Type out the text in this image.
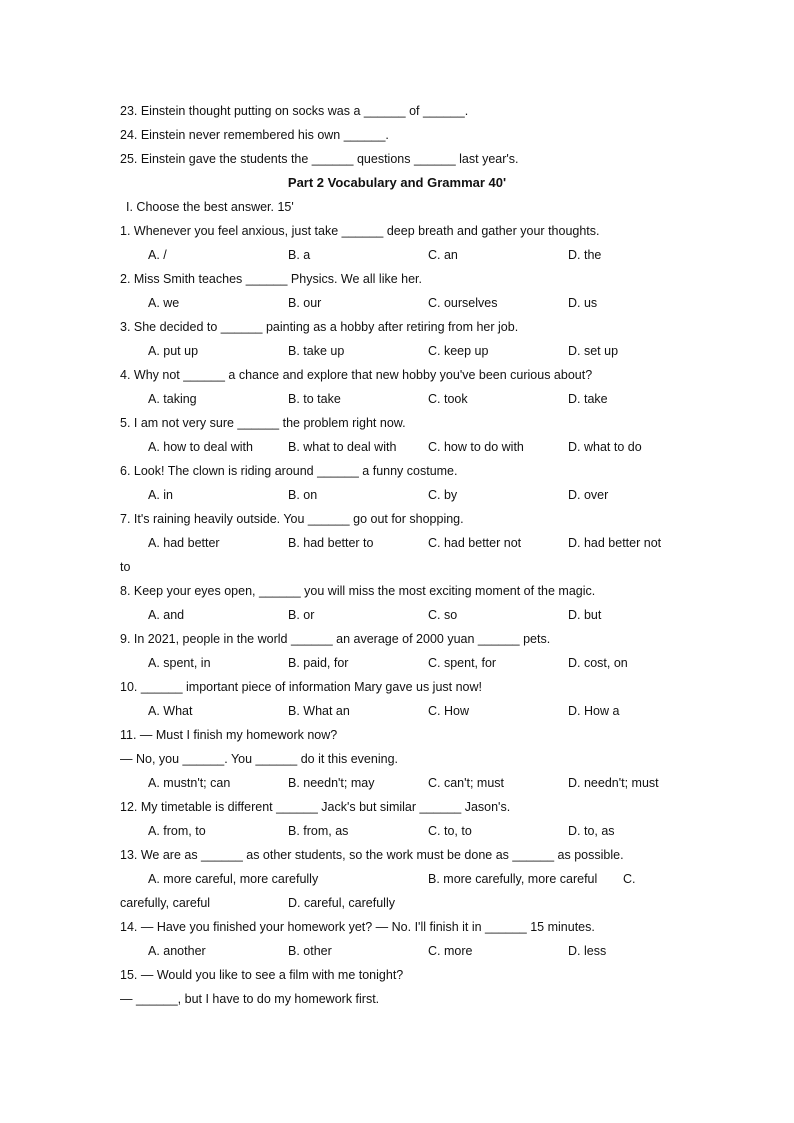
23. Einstein thought putting on socks was a ______ of ______.
24. Einstein never remembered his own ______.
25. Einstein gave the students the ______ questions ______ last year's.
Part 2 Vocabulary and Grammar 40'
I. Choose the best answer. 15'
1. Whenever you feel anxious, just take ______ deep breath and gather your thoughts.
A. /	B. a	C. an	D. the
2. Miss Smith teaches ______ Physics. We all like her.
A. we	B. our	C. ourselves	D. us
3. She decided to ______ painting as a hobby after retiring from her job.
A. put up	B. take up	C. keep up	D. set up
4. Why not ______ a chance and explore that new hobby you've been curious about?
A. taking	B. to take	C. took	D. take
5. I am not very sure ______ the problem right now.
A. how to deal with	B. what to deal with	C. how to do with	D. what to do
6. Look! The clown is riding around ______ a funny costume.
A. in	B. on	C. by	D. over
7. It's raining heavily outside. You ______ go out for shopping.
A. had better	B. had better to	C. had better not	D. had better not
to
8. Keep your eyes open, ______ you will miss the most exciting moment of the magic.
A. and	B. or	C. so	D. but
9. In 2021, people in the world ______ an average of 2000 yuan ______ pets.
A. spent, in	B. paid, for	C. spent, for	D. cost, on
10. ______ important piece of information Mary gave us just now!
A. What	B. What an	C. How	D. How a
11. — Must I finish my homework now?
— No, you ______. You ______ do it this evening.
A. mustn't; can	B. needn't; may	C. can't; must	D. needn't; must
12. My timetable is different ______ Jack's but similar ______ Jason's.
A. from, to	B. from, as	C. to, to	D. to, as
13. We are as ______ as other students, so the work must be done as ______ as possible.
A. more careful, more carefully	B. more carefully, more careful C.
carefully, careful	D. careful, carefully
14. — Have you finished your homework yet? — No. I'll finish it in ______ 15 minutes.
A. another	B. other	C. more	D. less
15. — Would you like to see a film with me tonight?
— ______, but I have to do my homework first.
